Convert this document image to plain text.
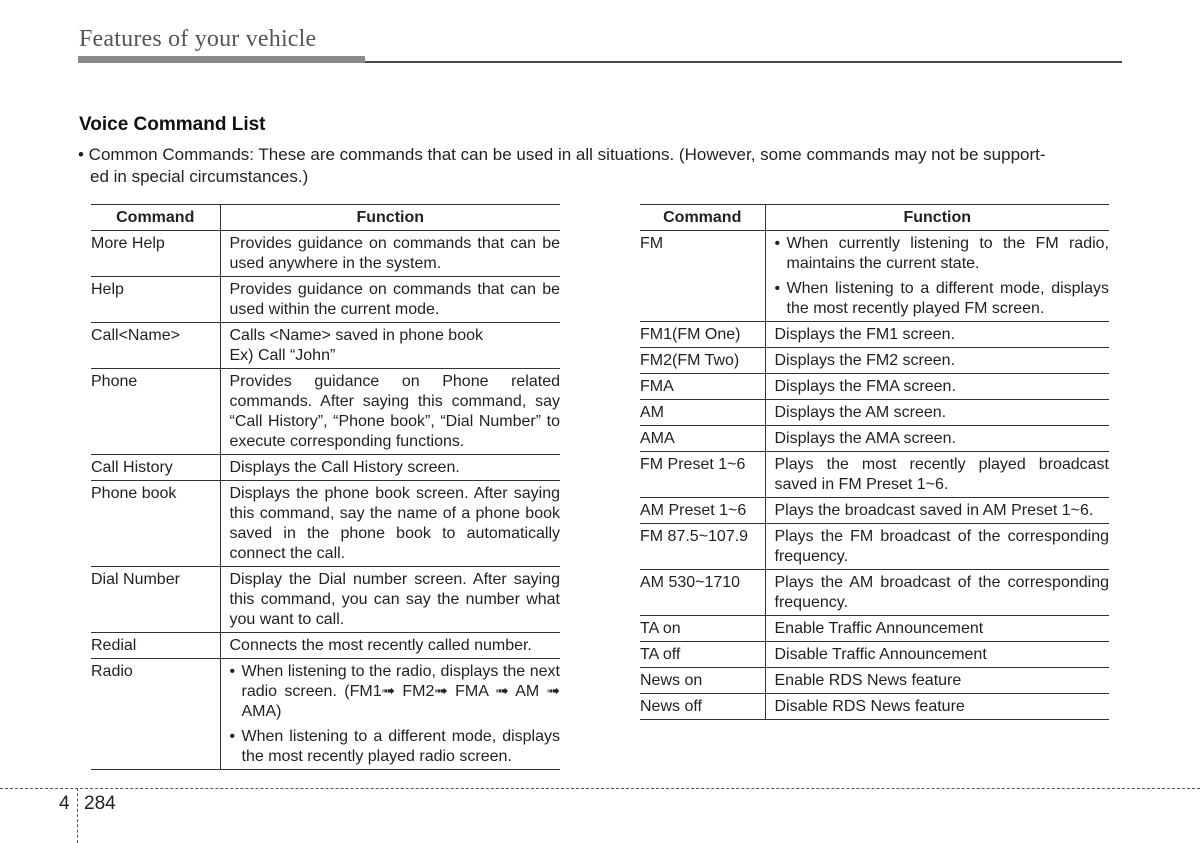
Features of your vehicle
Voice Command List
• Common Commands: These are commands that can be used in all situations. (However, some commands may not be support-
ed in special circumstances.)
Command	Function
More Help	Provides guidance on commands that can be used anywhere in the system.
Help	Provides guidance on commands that can be used within the current mode.
Call<Name>	Calls <Name> saved in phone book
Ex) Call “John”

Phone	Provides guidance on Phone related commands. After saying this command, say “Call History”, “Phone book”, “Dial Number” to execute corresponding functions.
Call History	Displays the Call History screen.
Phone book	Displays the phone book screen. After saying this command, say the name of a phone book saved in the phone book to automatically connect the call.
Dial Number	Display the Dial number screen. After saying this command, you can say the number what you want to call.
Redial	Connects the most recently called number.
Radio	• When listening to the radio, displays the next radio screen. (FM1➟ FM2➟ FMA ➟ AM ➟ AMA)
• When listening to a different mode, displays the most recently played radio screen.
Command	Function
FM	• When currently listening to the FM radio, maintains the current state.
• When listening to a different mode, displays the most recently played FM screen.

FM1(FM One)	Displays the FM1 screen.
FM2(FM Two)	Displays the FM2 screen.
FMA	Displays the FMA screen.
AM	Displays the AM screen.
AMA	Displays the AMA screen.
FM Preset 1~6	Plays the most recently played broadcast saved in FM Preset 1~6.
AM Preset 1~6	Plays the broadcast saved in AM Preset 1~6.
FM 87.5~107.9	Plays the FM broadcast of the corresponding frequency.
AM 530~1710	Plays the AM broadcast of the corresponding frequency.
TA on	Enable Traffic Announcement
TA off	Disable Traffic Announcement
News on	Enable RDS News feature
News off	Disable RDS News feature
4 284
